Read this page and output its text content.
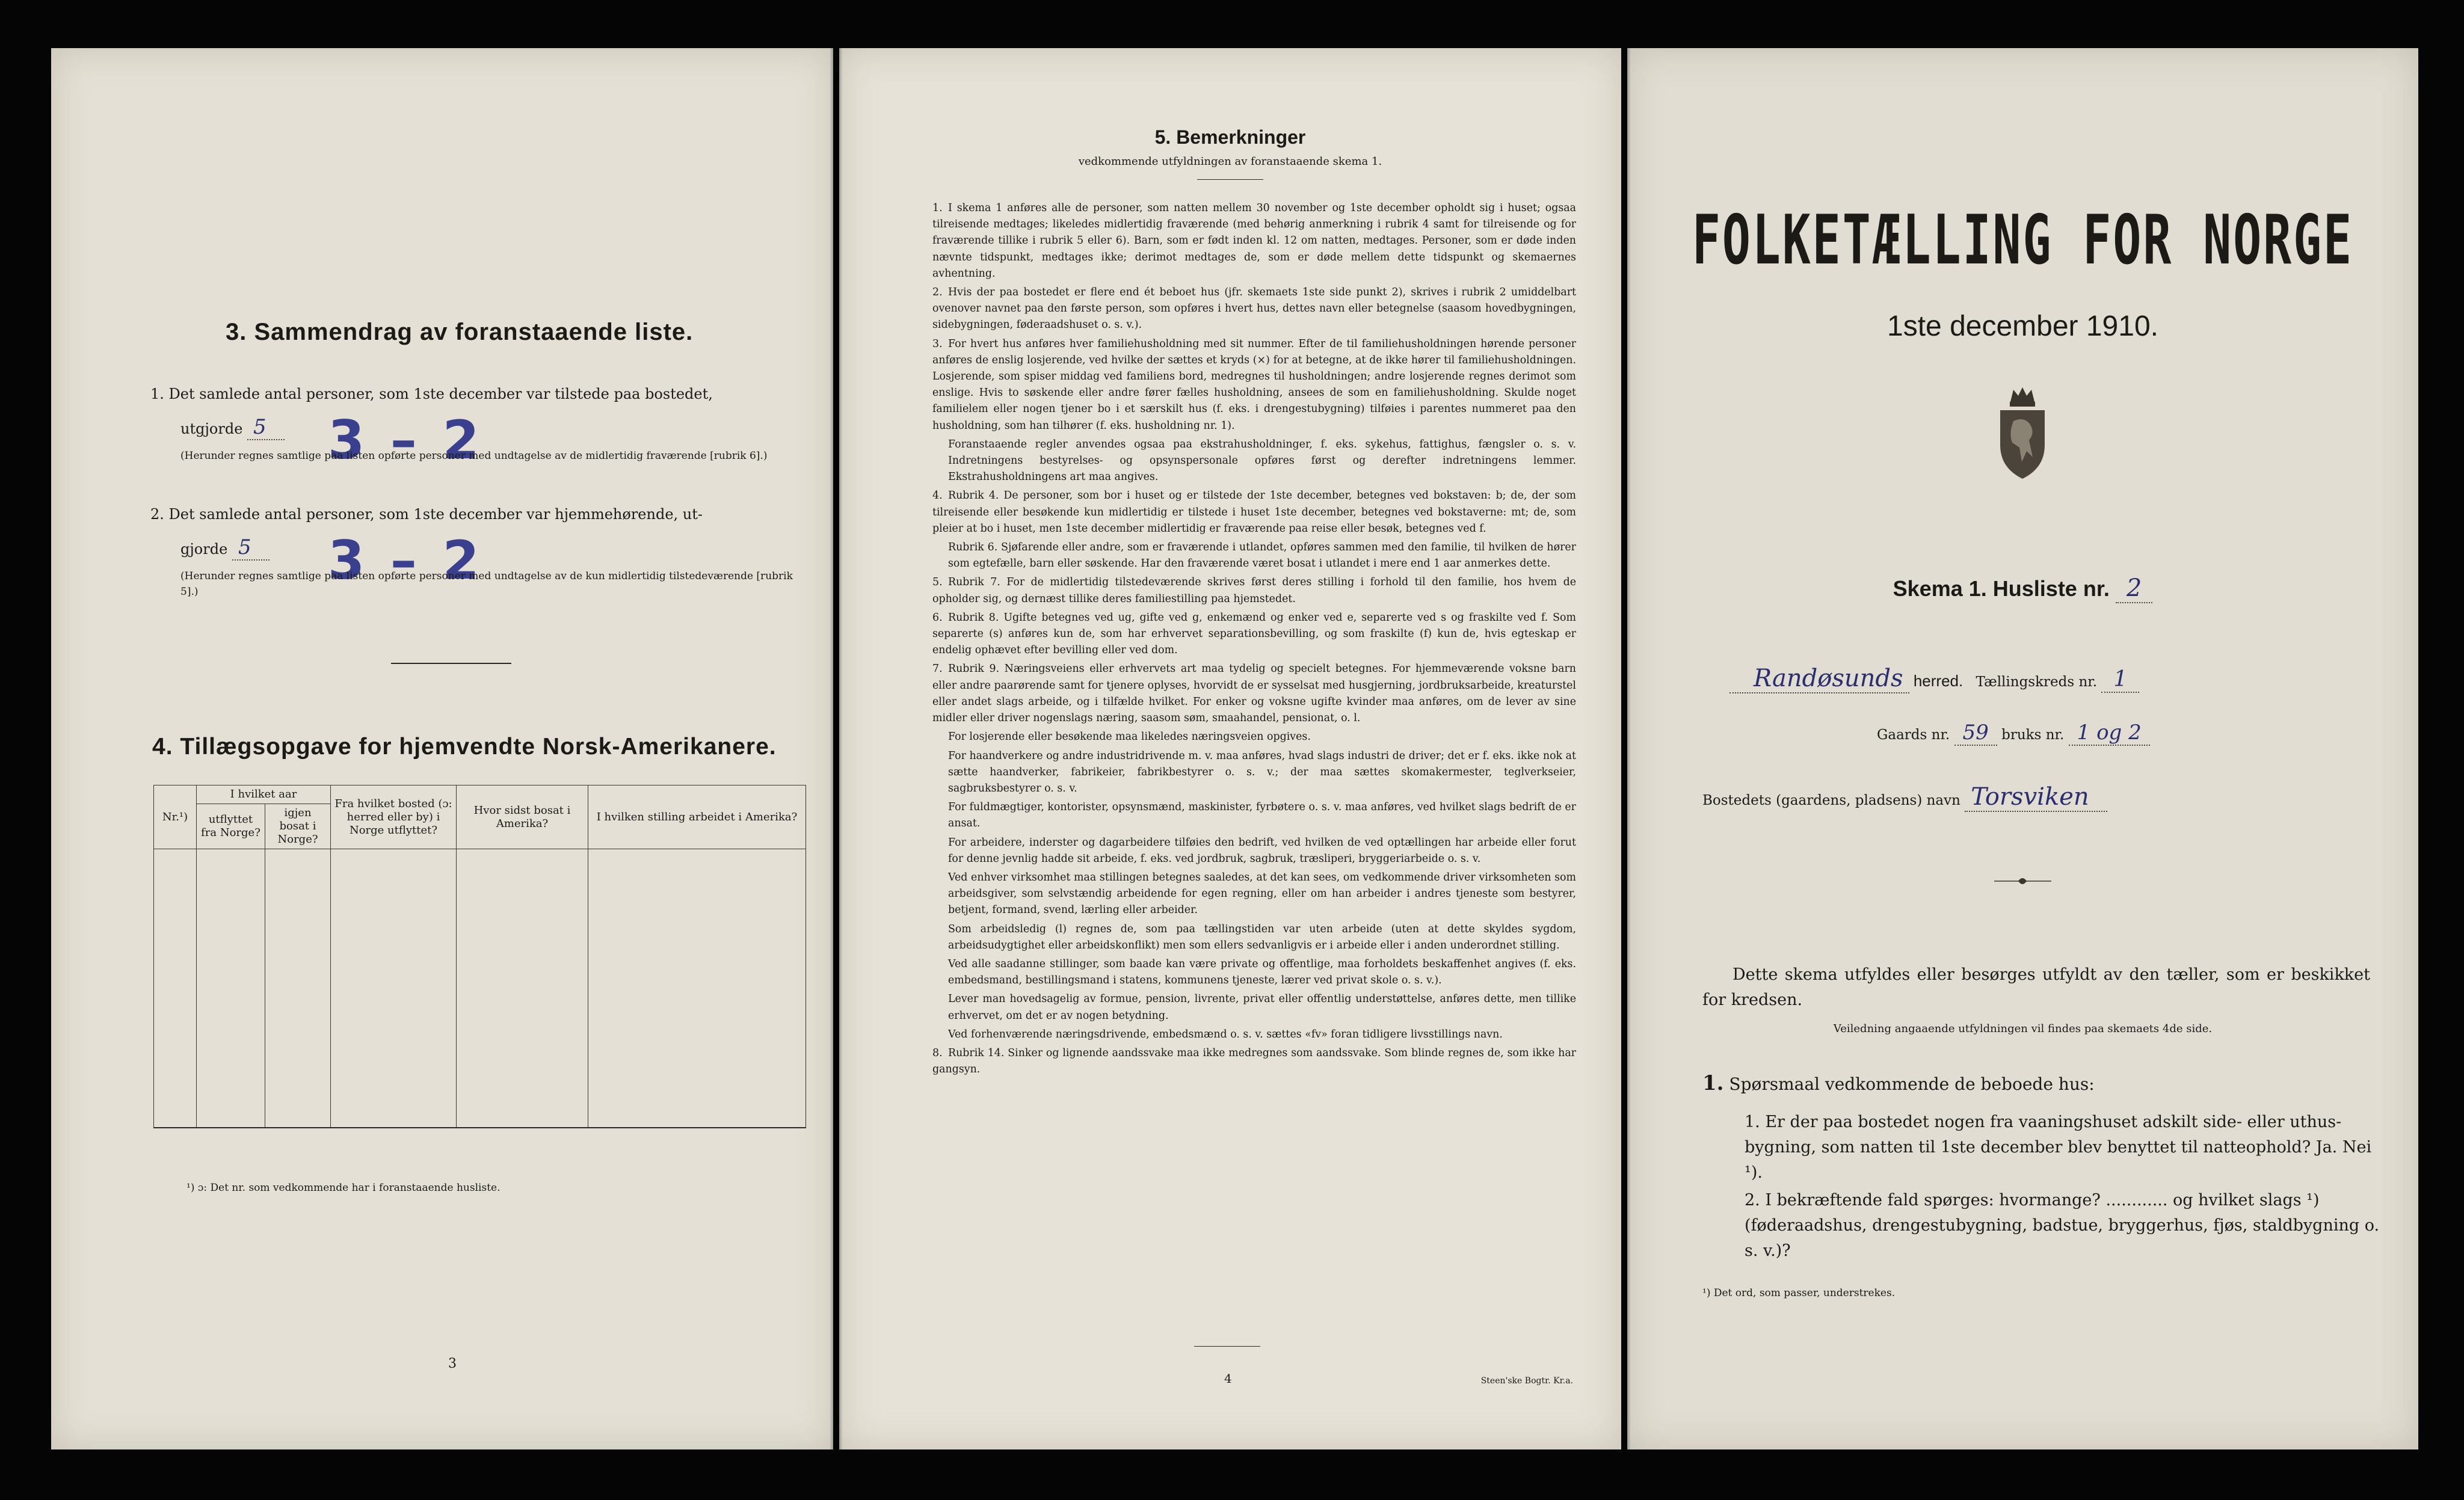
3. Sammendrag av foranstaaende liste.
1. Det samlede antal personer, som 1ste december var tilstede paa bostedet,
utgjorde 5	3 – 2
(Herunder regnes samtlige paa listen opførte personer med undtagelse av de midlertidig fraværende [rubrik 6].)
2. Det samlede antal personer, som 1ste december var hjemmehørende, ut-
gjorde 5	3 – 2
(Herunder regnes samtlige paa listen opførte personer med undtagelse av de kun midlertidig tilstedeværende [rubrik 5].)
4. Tillægsopgave for hjemvendte Norsk-Amerikanere.
Nr.¹)	I hvilket aar		Fra hvilket bosted (ɔ: herred eller by) i Norge utflyttet?	Hvor sidst bosat i Amerika?	I hvilken stilling arbeidet i Amerika?
	utflyttet fra Norge?	igjen bosat i Norge?			

¹) ɔ: Det nr. som vedkommende har i foranstaaende husliste.
3
5. Bemerkninger
vedkommende utfyldningen av foranstaaende skema 1.

1. I skema 1 anføres alle de personer, som natten mellem 30 november og 1ste december opholdt sig i huset; ogsaa tilreisende medtages; likeledes midlertidig fraværende (med behørig anmerkning i rubrik 4 samt for tilreisende og for fraværende tillike i rubrik 5 eller 6). Barn, som er født inden kl. 12 om natten, medtages. Personer, som er døde inden nævnte tidspunkt, medtages ikke; derimot medtages de, som er døde mellem dette tidspunkt og skemaernes avhentning.

2. Hvis der paa bostedet er flere end ét beboet hus (jfr. skemaets 1ste side punkt 2), skrives i rubrik 2 umiddelbart ovenover navnet paa den første person, som opføres i hvert hus, dettes navn eller betegnelse (saasom hovedbygningen, sidebygningen, føderaadshuset o. s. v.).

3. For hvert hus anføres hver familiehusholdning med sit nummer. Efter de til familiehusholdningen hørende personer anføres de enslig losjerende, ved hvilke der sættes et kryds (×) for at betegne, at de ikke hører til familiehusholdningen. Losjerende, som spiser middag ved familiens bord, medregnes til husholdningen; andre losjerende regnes derimot som enslige. Hvis to søskende eller andre fører fælles husholdning, ansees de som en familiehusholdning. Skulde noget familielem eller nogen tjener bo i et særskilt hus (f. eks. i drengestubygning) tilføies i parentes nummeret paa den husholdning, som han tilhører (f. eks. husholdning nr. 1).

Foranstaaende regler anvendes ogsaa paa ekstrahusholdninger, f. eks. sykehus, fattighus, fængsler o. s. v. Indretningens bestyrelses- og opsynspersonale opføres først og derefter indretningens lemmer. Ekstrahusholdningens art maa angives.

4. Rubrik 4. De personer, som bor i huset og er tilstede der 1ste december, betegnes ved bokstaven: b; de, der som tilreisende eller besøkende kun midlertidig er tilstede i huset 1ste december, betegnes ved bokstaverne: mt; de, som pleier at bo i huset, men 1ste december midlertidig er fraværende paa reise eller besøk, betegnes ved f.

Rubrik 6. Sjøfarende eller andre, som er fraværende i utlandet, opføres sammen med den familie, til hvilken de hører som egtefælle, barn eller søskende. Har den fraværende været bosat i utlandet i mere end 1 aar anmerkes dette.

5. Rubrik 7. For de midlertidig tilstedeværende skrives først deres stilling i forhold til den familie, hos hvem de opholder sig, og dernæst tillike deres familiestilling paa hjemstedet.

6. Rubrik 8. Ugifte betegnes ved ug, gifte ved g, enkemænd og enker ved e, separerte ved s og fraskilte ved f. Som separerte (s) anføres kun de, som har erhvervet separationsbevilling, og som fraskilte (f) kun de, hvis egteskap er endelig ophævet efter bevilling eller ved dom.

7. Rubrik 9. Næringsveiens eller erhvervets art maa tydelig og specielt betegnes. For hjemmeværende voksne barn eller andre paarørende samt for tjenere oplyses, hvorvidt de er sysselsat med husgjerning, jordbruksarbeide, kreaturstel eller andet slags arbeide, og i tilfælde hvilket. For enker og voksne ugifte kvinder maa anføres, om de lever av sine midler eller driver nogenslags næring, saasom søm, smaahandel, pensionat, o. l.

For losjerende eller besøkende maa likeledes næringsveien opgives.

For haandverkere og andre industridrivende m. v. maa anføres, hvad slags industri de driver; det er f. eks. ikke nok at sætte haandverker, fabrikeier, fabrikbestyrer o. s. v.; der maa sættes skomakermester, teglverkseier, sagbruksbestyrer o. s. v.

For fuldmægtiger, kontorister, opsynsmænd, maskinister, fyrbøtere o. s. v. maa anføres, ved hvilket slags bedrift de er ansat.

For arbeidere, inderster og dagarbeidere tilføies den bedrift, ved hvilken de ved optællingen har arbeide eller forut for denne jevnlig hadde sit arbeide, f. eks. ved jordbruk, sagbruk, træsliperi, bryggeriarbeide o. s. v.

Ved enhver virksomhet maa stillingen betegnes saaledes, at det kan sees, om vedkommende driver virksomheten som arbeidsgiver, som selvstændig arbeidende for egen regning, eller om han arbeider i andres tjeneste som bestyrer, betjent, formand, svend, lærling eller arbeider.

Som arbeidsledig (l) regnes de, som paa tællingstiden var uten arbeide (uten at dette skyldes sygdom, arbeidsudygtighet eller arbeidskonflikt) men som ellers sedvanligvis er i arbeide eller i anden underordnet stilling.

Ved alle saadanne stillinger, som baade kan være private og offentlige, maa forholdets beskaffenhet angives (f. eks. embedsmand, bestillingsmand i statens, kommunens tjeneste, lærer ved privat skole o. s. v.).

Lever man hovedsagelig av formue, pension, livrente, privat eller offentlig understøttelse, anføres dette, men tillike erhvervet, om det er av nogen betydning.

Ved forhenværende næringsdrivende, embedsmænd o. s. v. sættes «fv» foran tidligere livsstillings navn.

8. Rubrik 14. Sinker og lignende aandssvake maa ikke medregnes som aandssvake. Som blinde regnes de, som ikke har gangsyn.

4	Steen'ske Bogtr. Kr.a.
FOLKETÆLLING FOR NORGE
1ste december 1910.
Skema 1. Husliste nr. 2
Randøsunds herred. Tællingskreds nr. 1
Gaards nr. 59 bruks nr. 1 og 2
Bostedets (gaardens, pladsens) navn Torsviken
Dette skema utfyldes eller besørges utfyldt av den tæller, som er beskikket for kredsen.
Veiledning angaaende utfyldningen vil findes paa skemaets 4de side.
1. Spørsmaal vedkommende de beboede hus:
1. Er der paa bostedet nogen fra vaaningshuset adskilt side- eller uthus-bygning, som natten til 1ste december blev benyttet til natteophold? Ja. Nei ¹).
2. I bekræftende fald spørges: hvormange? ............ og hvilket slags ¹) (føderaadshus, drengestubygning, badstue, bryggerhus, fjøs, staldbygning o. s. v.)?
¹) Det ord, som passer, understrekes.
